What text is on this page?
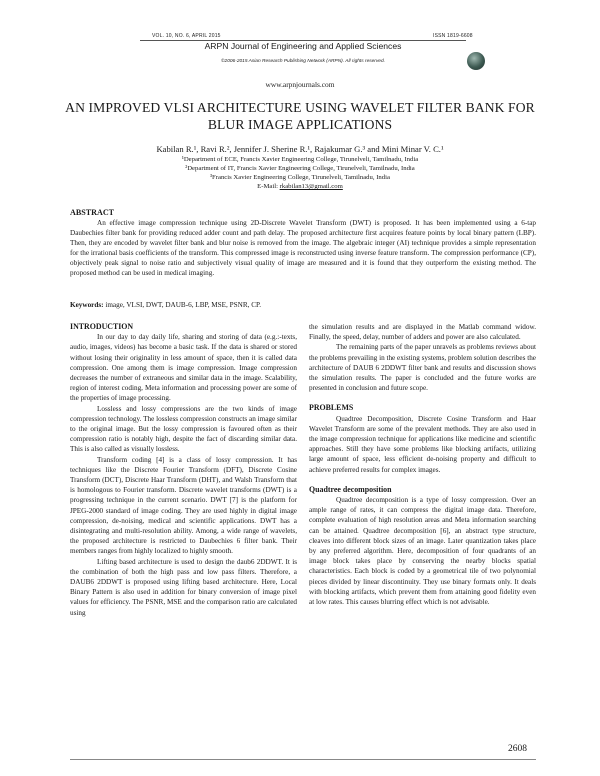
VOL. 10, NO. 6, APRIL 2015	ISSN 1819-6608
ARPN Journal of Engineering and Applied Sciences
©2006-2015 Asian Research Publishing Network (ARPN). All rights reserved.
www.arpnjournals.com
AN IMPROVED VLSI ARCHITECTURE USING WAVELET FILTER BANK FOR BLUR IMAGE APPLICATIONS
Kabilan R.¹, Ravi R.², Jennifer J. Sherine R.¹, Rajakumar G.³ and Mini Minar V. C.¹
¹Department of ECE, Francis Xavier Engineering College, Tirunelveli, Tamilnadu, India
²Department of IT, Francis Xavier Engineering College, Tirunelveli, Tamilnadu, India
³Francis Xavier Engineering College, Tirunelveli, Tamilnadu, India
E-Mail: rkabilan13@gmail.com
ABSTRACT
An effective image compression technique using 2D-Discrete Wavelet Transform (DWT) is proposed. It has been implemented using a 6-tap Daubechies filter bank for providing reduced adder count and path delay. The proposed architecture first acquires feature points by local binary pattern (LBP). Then, they are encoded by wavelet filter bank and blur noise is removed from the image. The algebraic integer (AI) technique provides a simple representation for the irrational basis coefficients of the transform. This compressed image is reconstructed using inverse feature transform. The compression performance (CP), objectively peak signal to noise ratio and subjectively visual quality of image are measured and it is found that they outperform the existing method. The proposed method can be used in medical imaging.
Keywords: image, VLSI, DWT, DAUB-6, LBP, MSE, PSNR, CP.

INTRODUCTION

In our day to day daily life, sharing and storing of data (e.g.:-texts, audio, images, videos) has become a basic task. If the data is shared or stored without losing their originality in less amount of space, then it is called data compression. One among them is image compression. Image compression decreases the number of extraneous and similar data in the image. Scalability, region of interest coding, Meta information and processing power are some of the properties of image processing.

Lossless and lossy compressions are the two kinds of image compression technology. The lossless compression constructs an image similar to the original image. But the lossy compression is favoured often as their compression ratio is notably high, despite the fact of discarding similar data. This is also called as visually lossless.

Transform coding [4] is a class of lossy compression. It has techniques like the Discrete Fourier Transform (DFT), Discrete Cosine Transform (DCT), Discrete Haar Transform (DHT), and Walsh Transform that is homologous to Fourier transform. Discrete wavelet transforms (DWT) is a progressing technique in the current scenario. DWT [7] is the platform for JPEG-2000 standard of image coding. They are used highly in digital image compression, de-noising, medical and scientific applications. DWT has a disintegrating and multi-resolution ability. Among, a wide range of wavelets, the proposed architecture is restricted to Daubechies 6 filter bank. Their members ranges from highly localized to highly smooth.

Lifting based architecture is used to design the daub6 2DDWT. It is the combination of both the high pass and low pass filters. Therefore, a DAUB6 2DDWT is proposed using lifting based architecture. Here, Local Binary Pattern is also used in addition for binary conversion of image pixel values for efficiency. The PSNR, MSE and the comparison ratio are calculated using

the simulation results and are displayed in the Matlab command widow. Finally, the speed, delay, number of adders and power are also calculated.

The remaining parts of the paper unravels as problems reviews about the problems prevailing in the existing systems, problem solution describes the architecture of DAUB 6 2DDWT filter bank and results and discussion shows the simulation results. The paper is concluded and the future works are presented in conclusion and future scope.

PROBLEMS

Quadtree Decomposition, Discrete Cosine Transform and Haar Wavelet Transform are some of the prevalent methods. They are also used in the image compression technique for applications like medicine and scientific approaches. Still they have some problems like blocking artifacts, utilizing large amount of space, less efficient de-noising property and difficult to achieve preferred results for complex images.

Quadtree decomposition

Quadtree decomposition is a type of lossy compression. Over an ample range of rates, it can compress the digital image data. Therefore, complete evaluation of high resolution areas and Meta information searching can be attained. Quadtree decomposition [6], an abstract type structure, cleaves into different block sizes of an image. Later quantization takes place by any preferred algorithm. Here, decomposition of four quadrants of an image block takes place by conserving the nearby blocks spatial characteristics. Each block is coded by a geometrical tile of two polynomial pieces divided by linear discontinuity. They use binary formats only. It deals with blocking artifacts, which prevent them from attaining good fidelity even at low rates. This causes blurring effect which is not advisable.

2608
